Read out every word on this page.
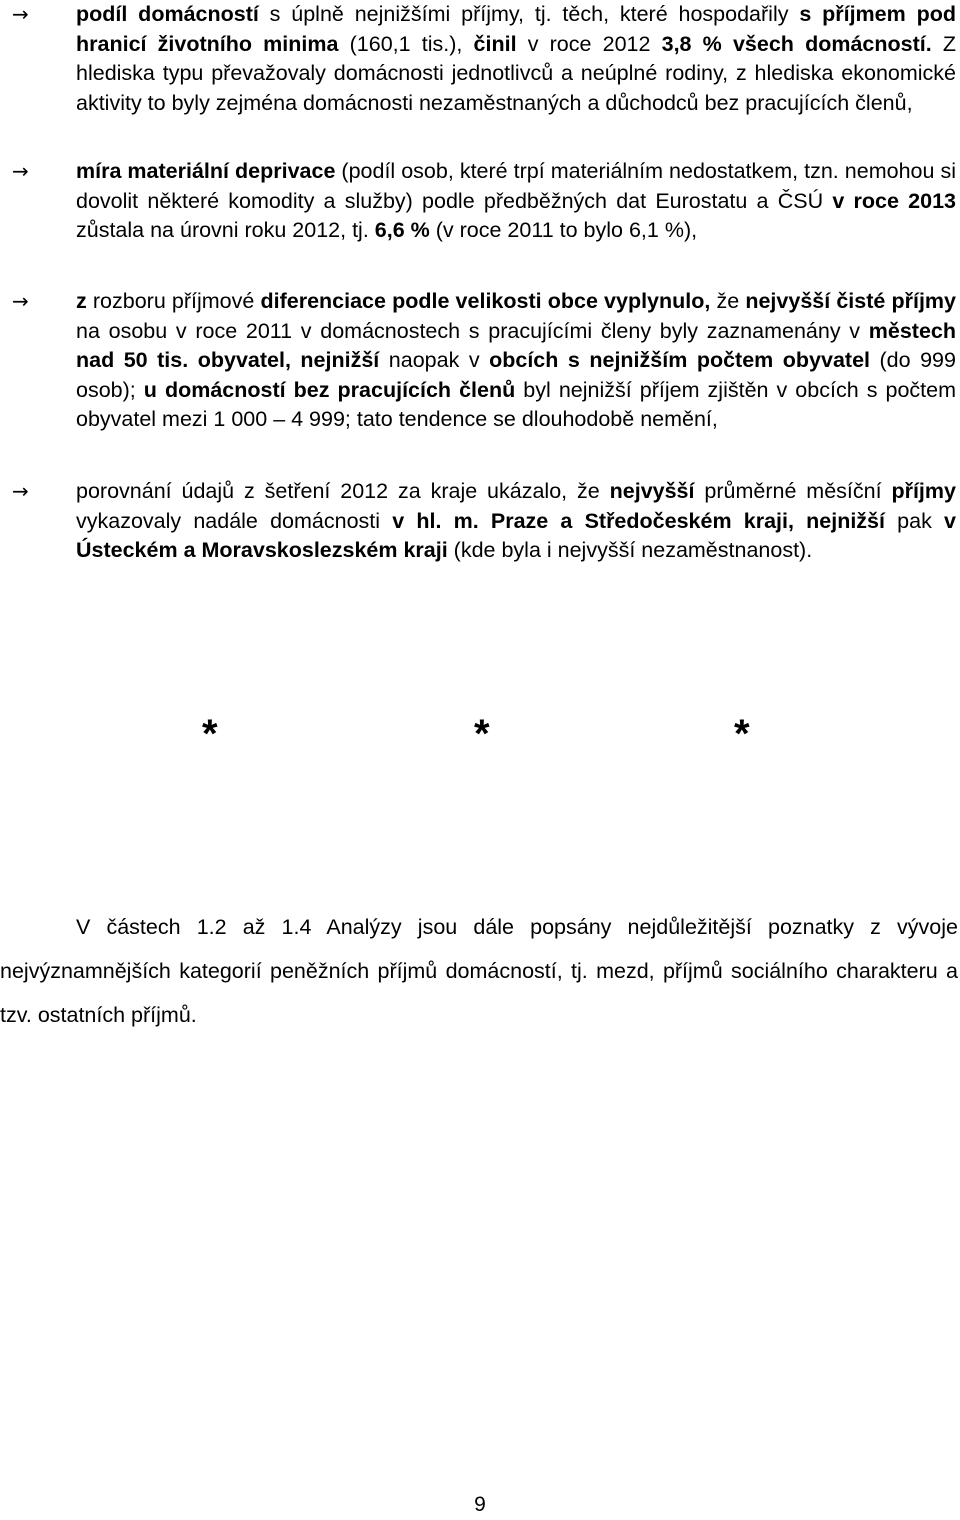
→ podíl domácností s úplně nejnižšími příjmy, tj. těch, které hospodařily s příjmem pod hranicí životního minima (160,1 tis.), činil v roce 2012 3,8 % všech domácností. Z hlediska typu převažovaly domácnosti jednotlivců a neúplné rodiny, z hlediska ekonomické aktivity to byly zejména domácnosti nezaměstnaných a důchodců bez pracujících členů,
→ míra materiální deprivace (podíl osob, které trpí materiálním nedostatkem, tzn. nemohou si dovolit některé komodity a služby) podle předběžných dat Eurostatu a ČSÚ v roce 2013 zůstala na úrovni roku 2012, tj. 6,6 % (v roce 2011 to bylo 6,1 %),
→ z rozboru příjmové diferenciace podle velikosti obce vyplynulo, že nejvyšší čisté příjmy na osobu v roce 2011 v domácnostech s pracujícími členy byly zaznamenány v městech nad 50 tis. obyvatel, nejnižší naopak v obcích s nejnižším počtem obyvatel (do 999 osob); u domácností bez pracujících členů byl nejnižší příjem zjištěn v obcích s počtem obyvatel mezi 1 000 – 4 999; tato tendence se dlouhodobě nemění,
→ porovnání údajů z šetření 2012 za kraje ukázalo, že nejvyšší průměrné měsíční příjmy vykazovaly nadále domácnosti v hl. m. Praze a Středočeském kraji, nejnižší pak v Ústeckém a Moravskoslezském kraji (kde byla i nejvyšší nezaměstnanost).
*	*	*
V částech 1.2 až 1.4 Analýzy jsou dále popsány nejdůležitější poznatky z vývoje nejvýznamnějších kategorií peněžních příjmů domácností, tj. mezd, příjmů sociálního charakteru a tzv. ostatních příjmů.
9
